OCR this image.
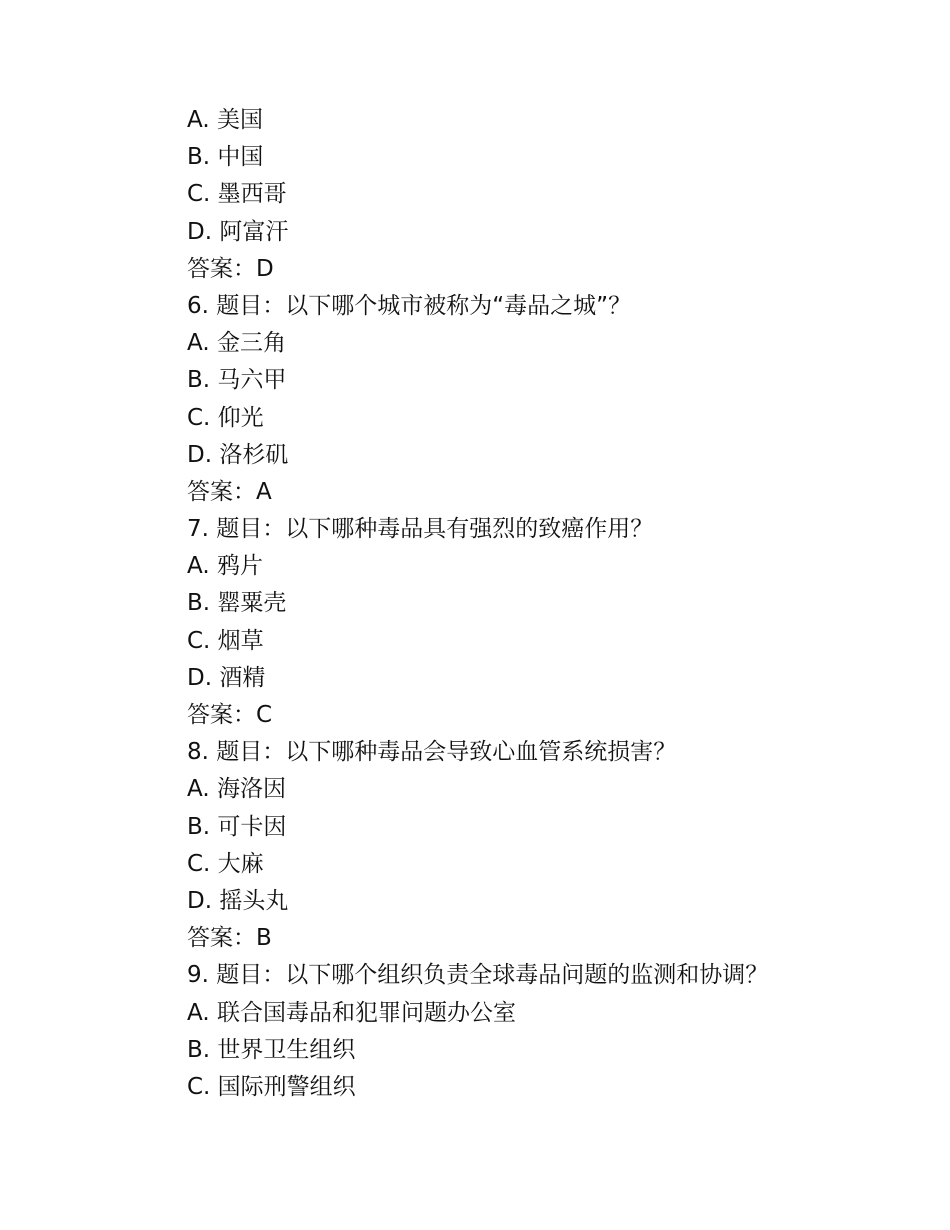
A. 美国
B. 中国
C. 墨西哥
D. 阿富汗
答案：D
6. 题目：以下哪个城市被称为“毒品之城”？
A. 金三角
B. 马六甲
C. 仰光
D. 洛杉矶
答案：A
7. 题目：以下哪种毒品具有强烈的致癌作用？
A. 鸦片
B. 罂粟壳
C. 烟草
D. 酒精
答案：C
8. 题目：以下哪种毒品会导致心血管系统损害？
A. 海洛因
B. 可卡因
C. 大麻
D. 摇头丸
答案：B
9. 题目：以下哪个组织负责全球毒品问题的监测和协调？
A. 联合国毒品和犯罪问题办公室
B. 世界卫生组织
C. 国际刑警组织
